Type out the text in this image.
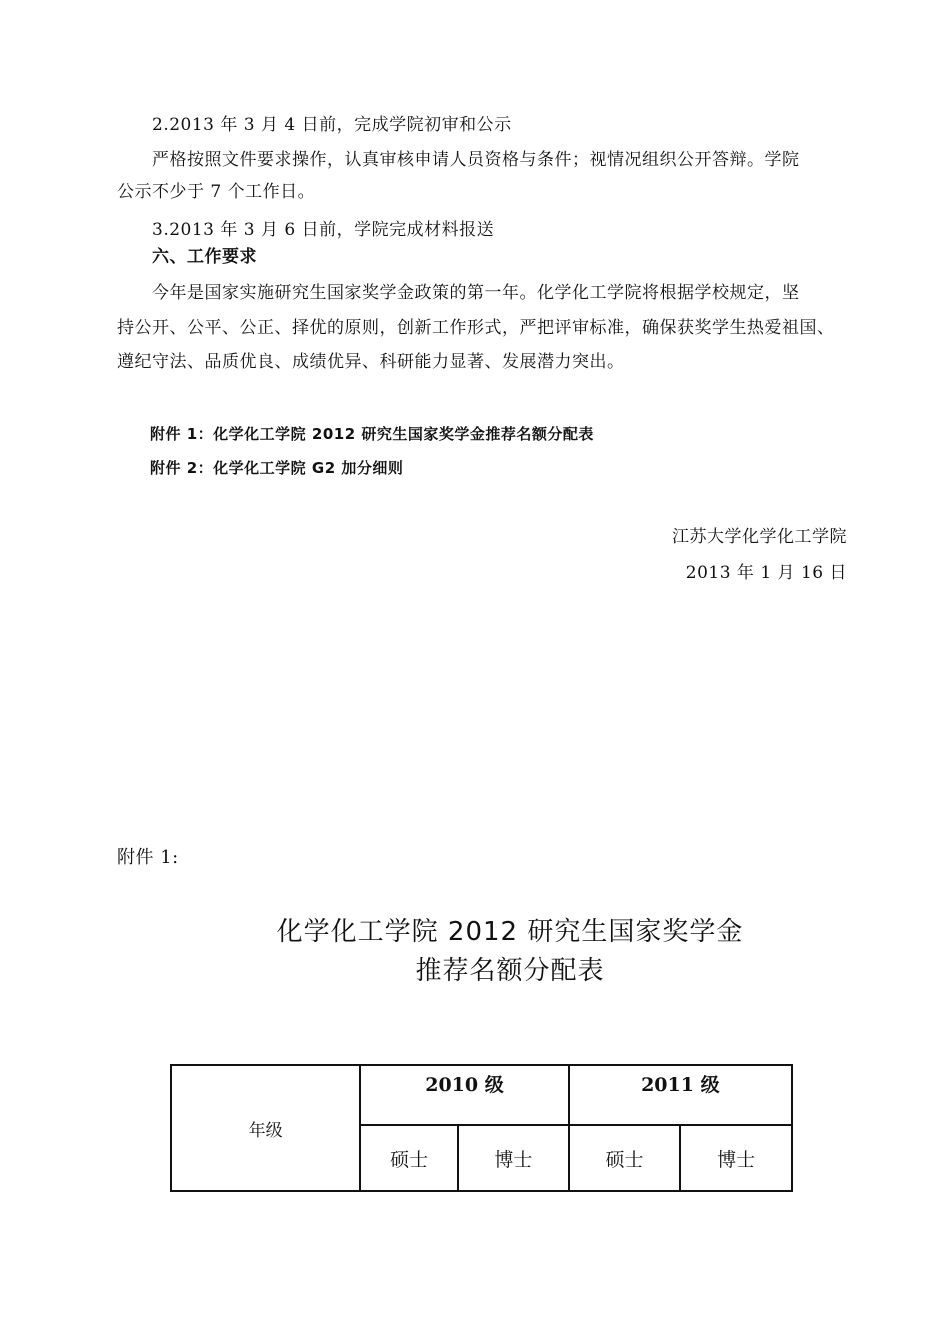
2.2013 年 3 月 4 日前，完成学院初审和公示
严格按照文件要求操作，认真审核申请人员资格与条件；视情况组织公开答辩。学院
公示不少于 7 个工作日。
3.2013 年 3 月 6 日前，学院完成材料报送
六、工作要求
今年是国家实施研究生国家奖学金政策的第一年。化学化工学院将根据学校规定，坚
持公开、公平、公正、择优的原则，创新工作形式，严把评审标准，确保获奖学生热爱祖国、
遵纪守法、品质优良、成绩优异、科研能力显著、发展潜力突出。
附件 1：化学化工学院 2012 研究生国家奖学金推荐名额分配表
附件 2：化学化工学院 G2 加分细则
江苏大学化学化工学院
2013 年 1 月 16 日
附件 1:
化学化工学院 2012 研究生国家奖学金
推荐名额分配表
年级	2010 级		2011 级	
	硕士	博士	硕士	博士
